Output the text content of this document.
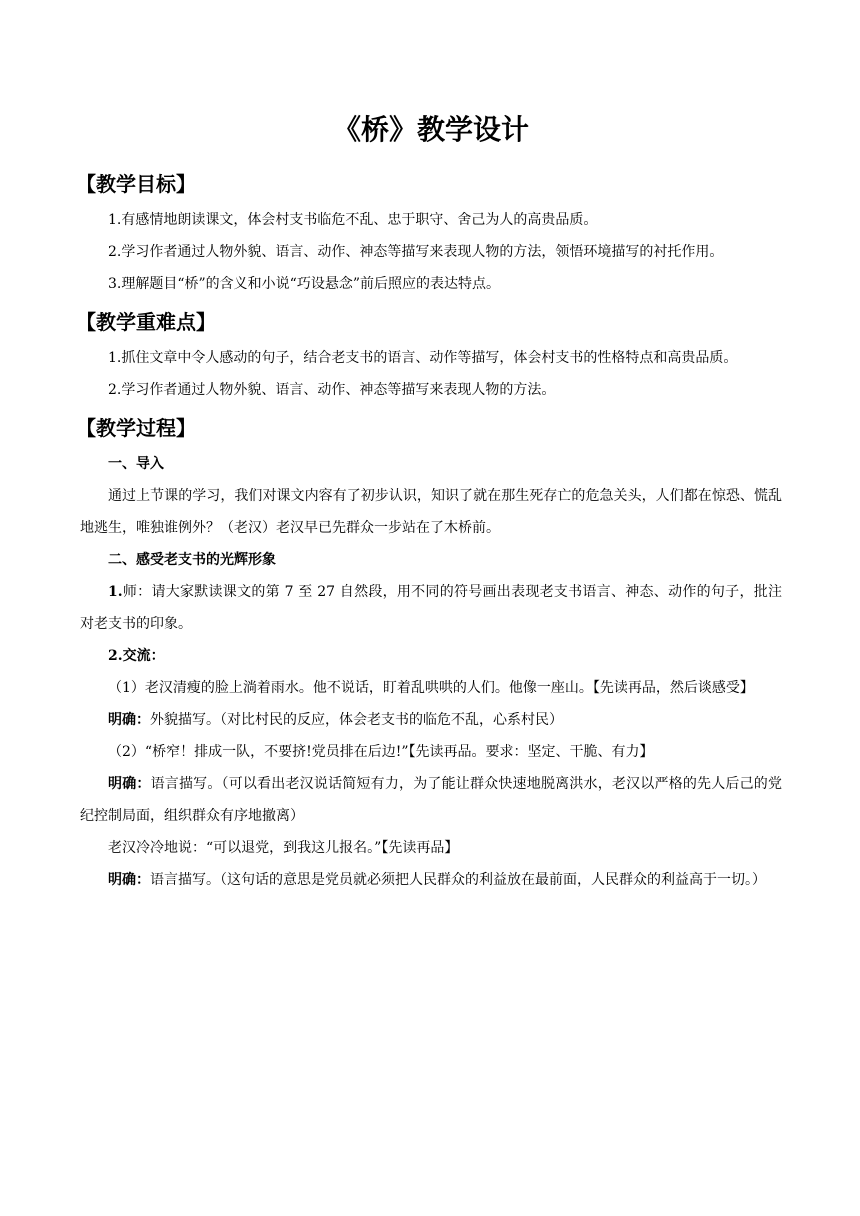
《桥》教学设计
【教学目标】

1.有感情地朗读课文，体会村支书临危不乱、忠于职守、舍己为人的高贵品质。

2.学习作者通过人物外貌、语言、动作、神态等描写来表现人物的方法，领悟环境描写的衬托作用。

3.理解题目“桥”的含义和小说“巧设悬念”前后照应的表达特点。

【教学重难点】

1.抓住文章中令人感动的句子，结合老支书的语言、动作等描写，体会村支书的性格特点和高贵品质。

2.学习作者通过人物外貌、语言、动作、神态等描写来表现人物的方法。

【教学过程】

一、导入

通过上节课的学习，我们对课文内容有了初步认识，知识了就在那生死存亡的危急关头，人们都在惊恐、慌乱地逃生，唯独谁例外？（老汉）老汉早已先群众一步站在了木桥前。

二、感受老支书的光辉形象

1.师：请大家默读课文的第 7 至 27 自然段，用不同的符号画出表现老支书语言、神态、动作的句子，批注对老支书的印象。

2.交流：

（1）老汉清瘦的脸上淌着雨水。他不说话，盯着乱哄哄的人们。他像一座山。【先读再品，然后谈感受】

明确：外貌描写。（对比村民的反应，体会老支书的临危不乱，心系村民）

（2）“桥窄！排成一队，不要挤!党员排在后边!”【先读再品。要求：坚定、干脆、有力】

明确：语言描写。（可以看出老汉说话简短有力，为了能让群众快速地脱离洪水，老汉以严格的先人后己的党纪控制局面，组织群众有序地撤离）

老汉冷冷地说：“可以退党，到我这儿报名。”【先读再品】

明确：语言描写。（这句话的意思是党员就必须把人民群众的利益放在最前面，人民群众的利益高于一切。）
